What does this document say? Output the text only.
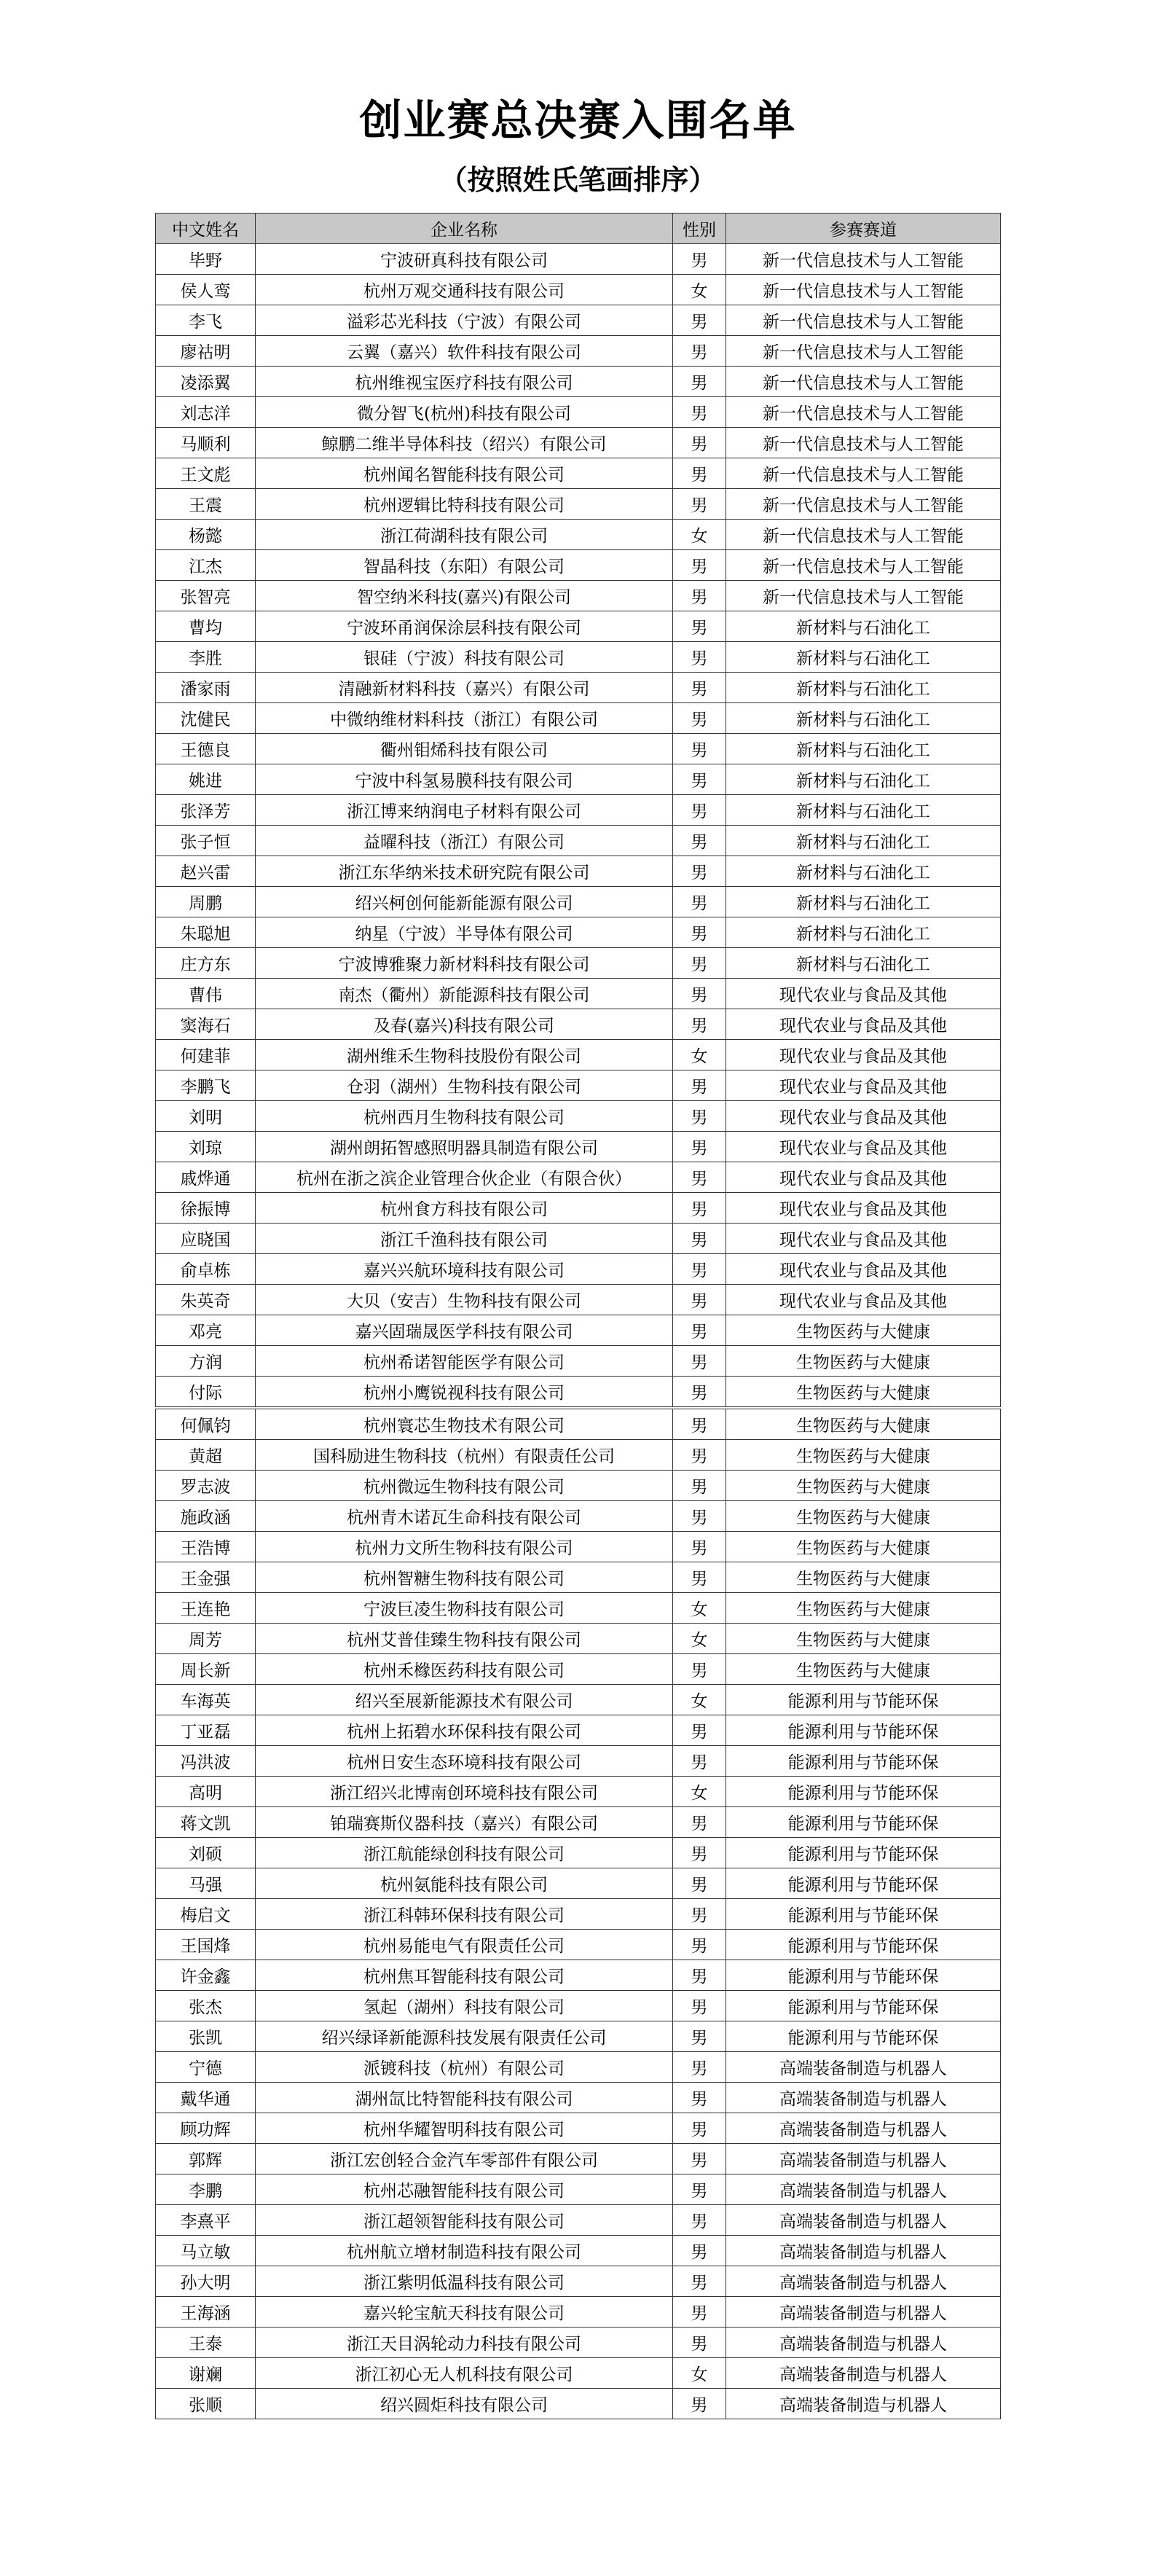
创业赛总决赛入围名单
（按照姓氏笔画排序）
中文姓名	企业名称	性别	参赛赛道
毕野	宁波研真科技有限公司	男	新一代信息技术与人工智能
侯人鸾	杭州万观交通科技有限公司	女	新一代信息技术与人工智能
李飞	溢彩芯光科技（宁波）有限公司	男	新一代信息技术与人工智能
廖祜明	云翼（嘉兴）软件科技有限公司	男	新一代信息技术与人工智能
凌添翼	杭州维视宝医疗科技有限公司	男	新一代信息技术与人工智能
刘志洋	微分智飞(杭州)科技有限公司	男	新一代信息技术与人工智能
马顺利	鲸鹏二维半导体科技（绍兴）有限公司	男	新一代信息技术与人工智能
王文彪	杭州闻名智能科技有限公司	男	新一代信息技术与人工智能
王震	杭州逻辑比特科技有限公司	男	新一代信息技术与人工智能
杨懿	浙江荷湖科技有限公司	女	新一代信息技术与人工智能
江杰	智晶科技（东阳）有限公司	男	新一代信息技术与人工智能
张智亮	智空纳米科技(嘉兴)有限公司	男	新一代信息技术与人工智能
曹均	宁波环甬润保涂层科技有限公司	男	新材料与石油化工
李胜	银硅（宁波）科技有限公司	男	新材料与石油化工
潘家雨	清融新材料科技（嘉兴）有限公司	男	新材料与石油化工
沈健民	中微纳维材料科技（浙江）有限公司	男	新材料与石油化工
王德良	衢州钼烯科技有限公司	男	新材料与石油化工
姚进	宁波中科氢易膜科技有限公司	男	新材料与石油化工
张泽芳	浙江博来纳润电子材料有限公司	男	新材料与石油化工
张子恒	益曜科技（浙江）有限公司	男	新材料与石油化工
赵兴雷	浙江东华纳米技术研究院有限公司	男	新材料与石油化工
周鹏	绍兴柯创何能新能源有限公司	男	新材料与石油化工
朱聪旭	纳星（宁波）半导体有限公司	男	新材料与石油化工
庄方东	宁波博雅聚力新材料科技有限公司	男	新材料与石油化工
曹伟	南杰（衢州）新能源科技有限公司	男	现代农业与食品及其他
窦海石	及春(嘉兴)科技有限公司	男	现代农业与食品及其他
何建菲	湖州维禾生物科技股份有限公司	女	现代农业与食品及其他
李鹏飞	仓羽（湖州）生物科技有限公司	男	现代农业与食品及其他
刘明	杭州西月生物科技有限公司	男	现代农业与食品及其他
刘琼	湖州朗拓智感照明器具制造有限公司	男	现代农业与食品及其他
戚烨通	杭州在浙之滨企业管理合伙企业（有限合伙）	男	现代农业与食品及其他
徐振博	杭州食方科技有限公司	男	现代农业与食品及其他
应晓国	浙江千渔科技有限公司	男	现代农业与食品及其他
俞卓栋	嘉兴兴航环境科技有限公司	男	现代农业与食品及其他
朱英奇	大贝（安吉）生物科技有限公司	男	现代农业与食品及其他
邓亮	嘉兴固瑞晟医学科技有限公司	男	生物医药与大健康
方润	杭州希诺智能医学有限公司	男	生物医药与大健康
付际	杭州小鹰锐视科技有限公司	男	生物医药与大健康
何佩钧	杭州寰芯生物技术有限公司	男	生物医药与大健康
黄超	国科励进生物科技（杭州）有限责任公司	男	生物医药与大健康
罗志波	杭州微远生物科技有限公司	男	生物医药与大健康
施政涵	杭州青木诺瓦生命科技有限公司	男	生物医药与大健康
王浩博	杭州力文所生物科技有限公司	男	生物医药与大健康
王金强	杭州智糖生物科技有限公司	男	生物医药与大健康
王连艳	宁波巨凌生物科技有限公司	女	生物医药与大健康
周芳	杭州艾普佳臻生物科技有限公司	女	生物医药与大健康
周长新	杭州禾橼医药科技有限公司	男	生物医药与大健康
车海英	绍兴至展新能源技术有限公司	女	能源利用与节能环保
丁亚磊	杭州上拓碧水环保科技有限公司	男	能源利用与节能环保
冯洪波	杭州日安生态环境科技有限公司	男	能源利用与节能环保
高明	浙江绍兴北博南创环境科技有限公司	女	能源利用与节能环保
蒋文凯	铂瑞赛斯仪器科技（嘉兴）有限公司	男	能源利用与节能环保
刘硕	浙江航能绿创科技有限公司	男	能源利用与节能环保
马强	杭州氨能科技有限公司	男	能源利用与节能环保
梅启文	浙江科韩环保科技有限公司	男	能源利用与节能环保
王国烽	杭州易能电气有限责任公司	男	能源利用与节能环保
许金鑫	杭州焦耳智能科技有限公司	男	能源利用与节能环保
张杰	氢起（湖州）科技有限公司	男	能源利用与节能环保
张凯	绍兴绿译新能源科技发展有限责任公司	男	能源利用与节能环保
宁德	派镀科技（杭州）有限公司	男	高端装备制造与机器人
戴华通	湖州氙比特智能科技有限公司	男	高端装备制造与机器人
顾功辉	杭州华耀智明科技有限公司	男	高端装备制造与机器人
郭辉	浙江宏创轻合金汽车零部件有限公司	男	高端装备制造与机器人
李鹏	杭州芯融智能科技有限公司	男	高端装备制造与机器人
李熹平	浙江超领智能科技有限公司	男	高端装备制造与机器人
马立敏	杭州航立增材制造科技有限公司	男	高端装备制造与机器人
孙大明	浙江紫明低温科技有限公司	男	高端装备制造与机器人
王海涵	嘉兴轮宝航天科技有限公司	男	高端装备制造与机器人
王泰	浙江天目涡轮动力科技有限公司	男	高端装备制造与机器人
谢斓	浙江初心无人机科技有限公司	女	高端装备制造与机器人
张顺	绍兴圆炬科技有限公司	男	高端装备制造与机器人
